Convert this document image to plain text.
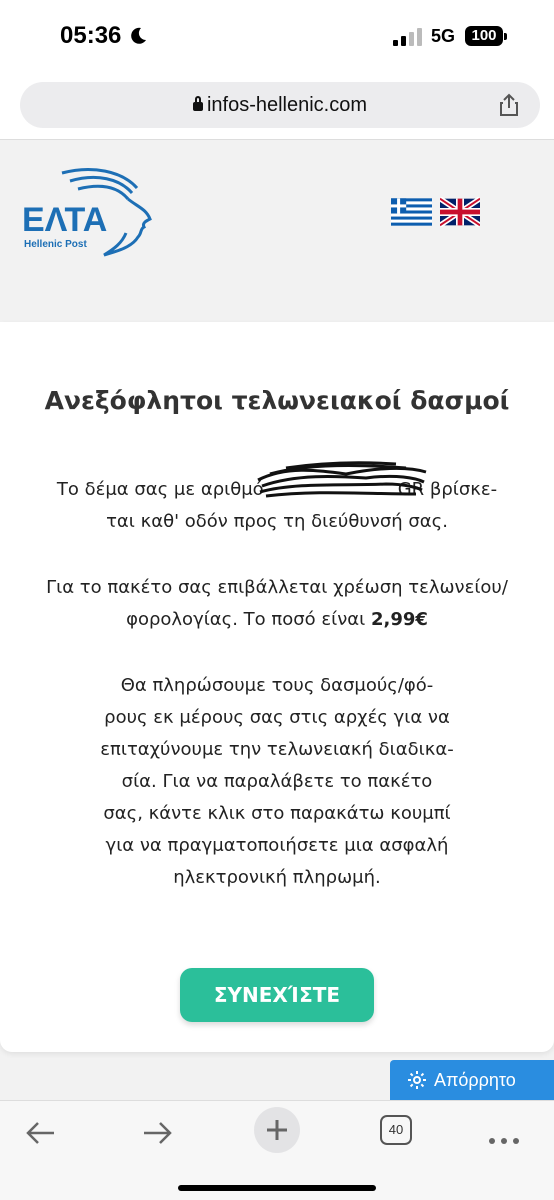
05:36	5G	100
infos-hellenic.com
ΕΛΤΑ
Hellenic Post
Ανεξόφλητοι τελωνειακοί δασμοί
Το δέμα σας με αριθμό	GR βρίσκε-
ται καθ' οδόν προς τη διεύθυνσή σας.
Για το πακέτο σας επιβάλλεται χρέωση τελωνείου/
φορολογίας. Το ποσό είναι 2,99€
Θα πληρώσουμε τους δασμούς/φό-
ρους εκ μέρους σας στις αρχές για να
επιταχύνουμε την τελωνειακή διαδικα-
σία. Για να παραλάβετε το πακέτο
σας, κάντε κλικ στο παρακάτω κουμπί
για να πραγματοποιήσετε μια ασφαλή
ηλεκτρονική πληρωμή.
ΣΥΝΕΧΊΣΤΕ
Απόρρητο
40
